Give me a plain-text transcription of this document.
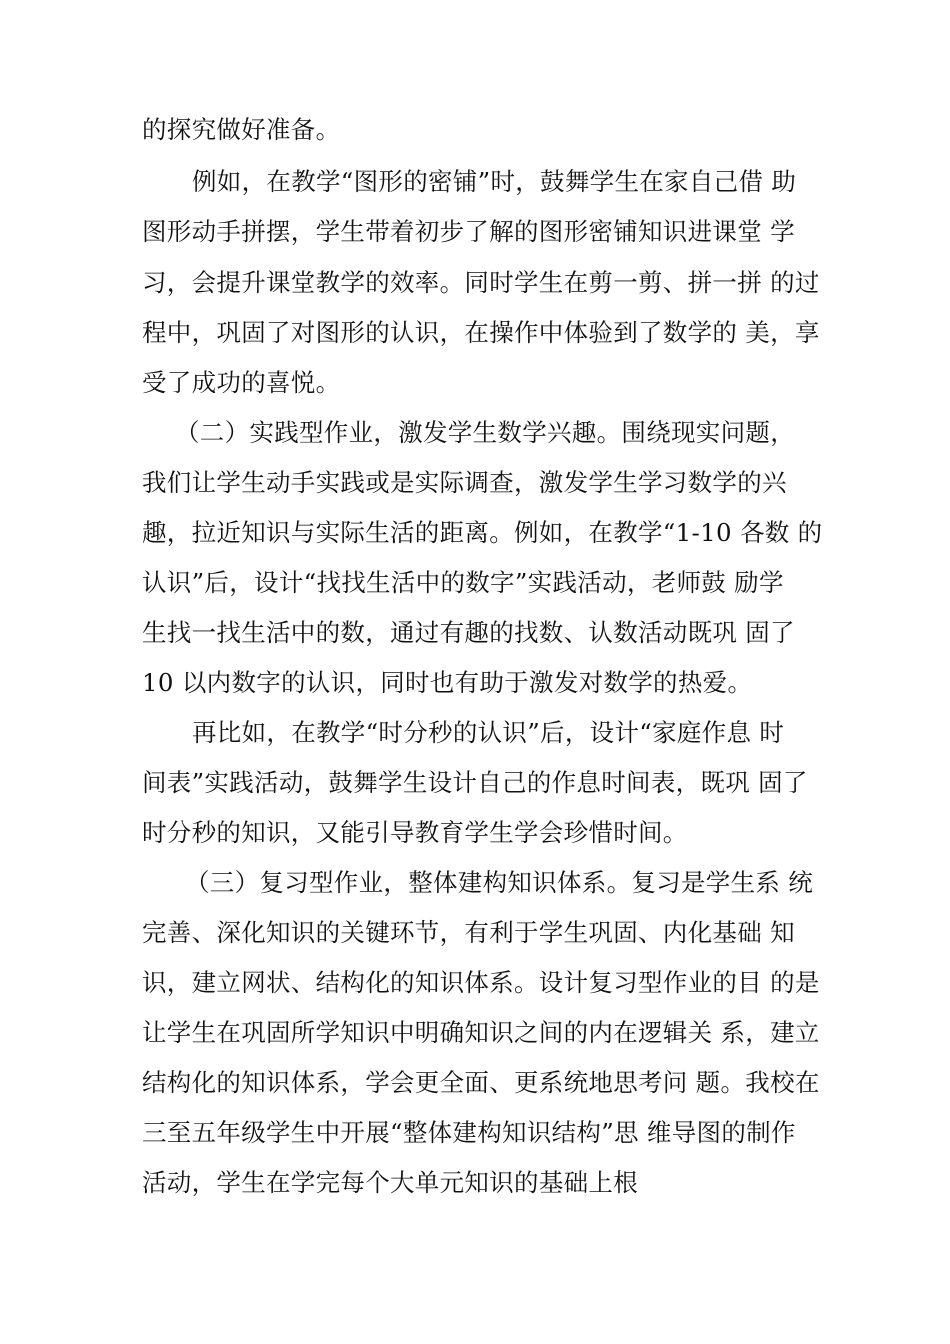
的探究做好准备。

例如，在教学“图形的密铺”时，鼓舞学生在家自己借 助

图形动手拼摆，学生带着初步了解的图形密铺知识进课堂 学

习，会提升课堂教学的效率。同时学生在剪一剪、拼一拼 的过

程中，巩固了对图形的认识，在操作中体验到了数学的 美，享

受了成功的喜悦。

（二）实践型作业，激发学生数学兴趣。围绕现实问题，

我们让学生动手实践或是实际调查，激发学生学习数学的兴

趣，拉近知识与实际生活的距离。例如，在教学“1-10 各数 的

认识”后，设计“找找生活中的数字”实践活动，老师鼓 励学

生找一找生活中的数，通过有趣的找数、认数活动既巩 固了

10 以内数字的认识，同时也有助于激发对数学的热爱。

再比如，在教学“时分秒的认识”后，设计“家庭作息 时

间表”实践活动，鼓舞学生设计自己的作息时间表，既巩 固了

时分秒的知识，又能引导教育学生学会珍惜时间。

（三）复习型作业，整体建构知识体系。复习是学生系 统

完善、深化知识的关键环节，有利于学生巩固、内化基础 知

识，建立网状、结构化的知识体系。设计复习型作业的目 的是

让学生在巩固所学知识中明确知识之间的内在逻辑关 系，建立

结构化的知识体系，学会更全面、更系统地思考问 题。我校在

三至五年级学生中开展“整体建构知识结构”思 维导图的制作

活动，学生在学完每个大单元知识的基础上根
